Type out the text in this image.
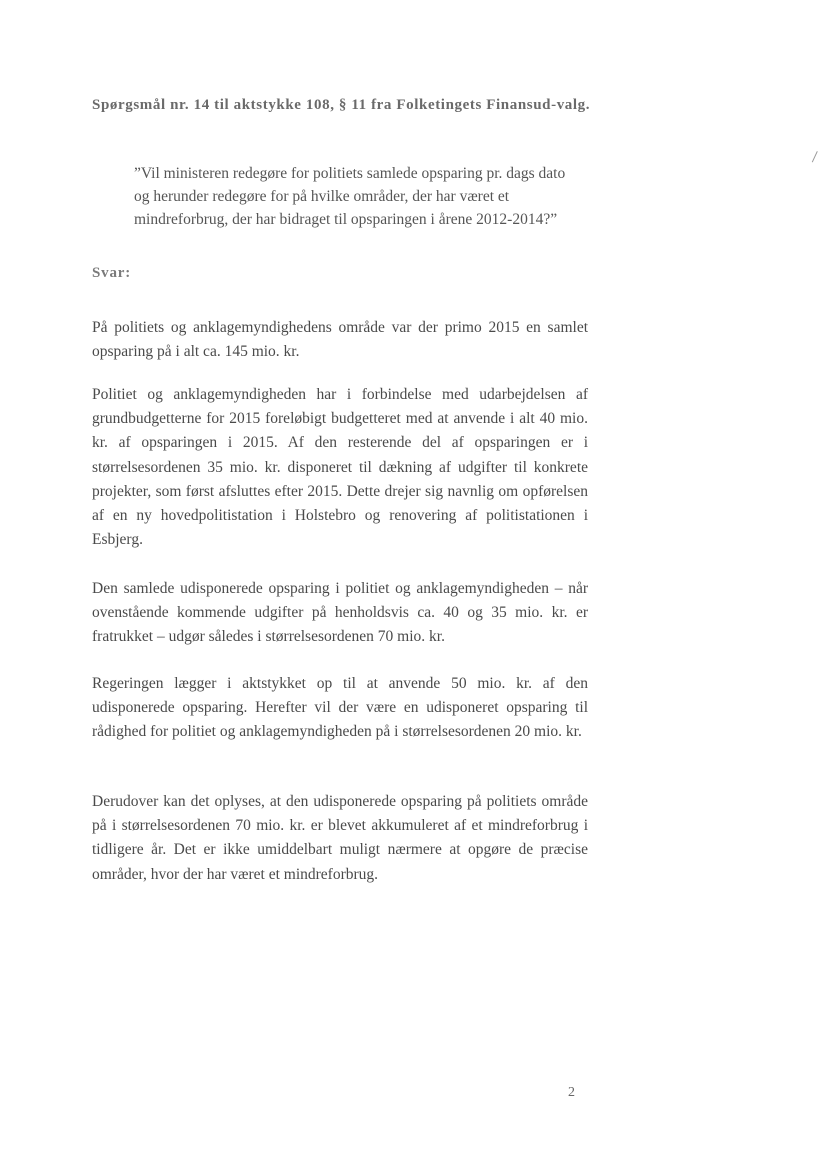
Spørgsmål nr. 14 til aktstykke 108, § 11 fra Folketingets Finansud-valg.

”Vil ministeren redegøre for politiets samlede opsparing pr. dags dato og herunder redegøre for på hvilke områder, der har været et mindreforbrug, der har bidraget til opsparingen i årene 2012-2014?”

Svar:

På politiets og anklagemyndighedens område var der primo 2015 en samlet opsparing på i alt ca. 145 mio. kr.

Politiet og anklagemyndigheden har i forbindelse med udarbejdelsen af grundbudgetterne for 2015 foreløbigt budgetteret med at anvende i alt 40 mio. kr. af opsparingen i 2015. Af den resterende del af opsparingen er i størrelsesordenen 35 mio. kr. disponeret til dækning af udgifter til konkrete projekter, som først afsluttes efter 2015. Dette drejer sig navnlig om opførelsen af en ny hovedpolitistation i Holstebro og renovering af politistationen i Esbjerg.

Den samlede udisponerede opsparing i politiet og anklagemyndigheden – når ovenstående kommende udgifter på henholdsvis ca. 40 og 35 mio. kr. er fratrukket – udgør således i størrelsesordenen 70 mio. kr.

Regeringen lægger i aktstykket op til at anvende 50 mio. kr. af den udisponerede opsparing. Herefter vil der være en udisponeret opsparing til rådighed for politiet og anklagemyndigheden på i størrelsesordenen 20 mio. kr.

Derudover kan det oplyses, at den udisponerede opsparing på politiets område på i størrelsesordenen 70 mio. kr. er blevet akkumuleret af et mindreforbrug i tidligere år. Det er ikke umiddelbart muligt nærmere at opgøre de præcise områder, hvor der har været et mindreforbrug.

2
